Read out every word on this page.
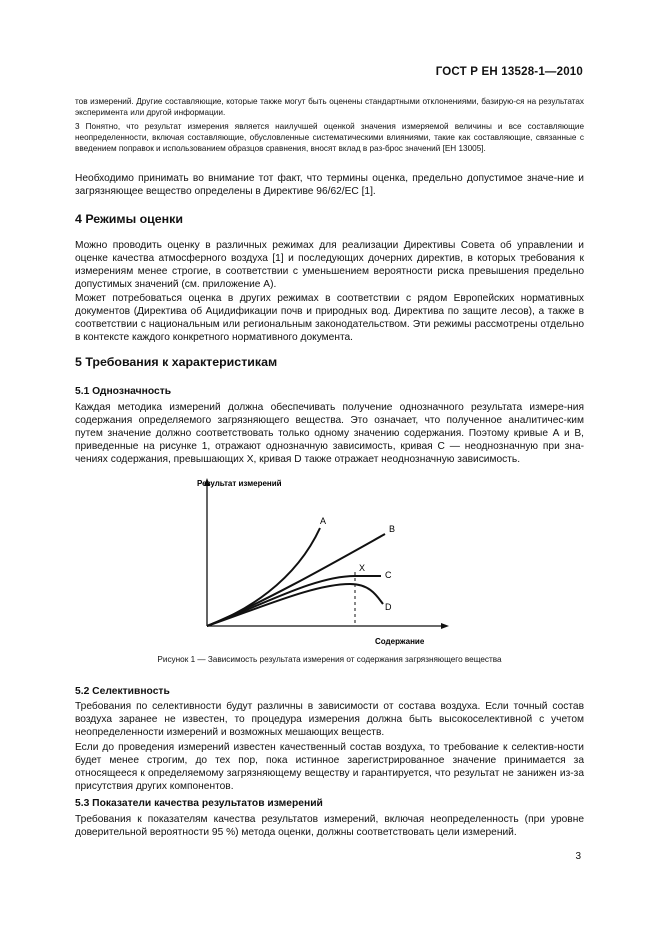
ГОСТ Р ЕН 13528-1—2010

тов измерений. Другие составляющие, которые также могут быть оценены стандартными отклонениями, базирую-ся на результатах эксперимента или другой информации.

3 Понятно, что результат измерения является наилучшей оценкой значения измеряемой величины и все составляющие неопределенности, включая составляющие, обусловленные систематическими влияниями, такие как составляющие, связанные с введением поправок и использованием образцов сравнения, вносят вклад в раз-брос значений [ЕН 13005].

Необходимо принимать во внимание тот факт, что термины оценка, предельно допустимое значе-ние и загрязняющее вещество определены в Директиве 96/62/ЕС [1].

4 Режимы оценки

Можно проводить оценку в различных режимах для реализации Директивы Совета об управлении и оценке качества атмосферного воздуха [1] и последующих дочерних директив, в которых требования к измерениям менее строгие, в соответствии с уменьшением вероятности риска превышения предельно допустимых значений (см. приложение А).

Может потребоваться оценка в других режимах в соответствии с рядом Европейских нормативных документов (Директива об Ацидификации почв и природных вод. Директива по защите лесов), а также в соответствии с национальным или региональным законодательством. Эти режимы рассмотрены отдельно в контексте каждого конкретного нормативного документа.

5 Требования к характеристикам
5.1 Однозначность

Каждая методика измерений должна обеспечивать получение однозначного результата измере-ния содержания определяемого загрязняющего вещества. Это означает, что полученное аналитичес-ким путем значение должно соответствовать только одному значению содержания. Поэтому кривые А и В, приведенные на рисунке 1, отражают однозначную зависимость, кривая С — неоднозначную при зна-чениях содержания, превышающих X, кривая D также отражает неоднозначную зависимость.

Результат измерений
Содержание
A
B
C
D
X
Рисунок 1 — Зависимость результата измерения от содержания загрязняющего вещества
5.2 Селективность

Требования по селективности будут различны в зависимости от состава воздуха. Если точный состав воздуха заранее не известен, то процедура измерения должна быть высокоселективной с учетом неопределенности измерений и возможных мешающих веществ.

Если до проведения измерений известен качественный состав воздуха, то требование к селектив-ности будет менее строгим, до тех пор, пока истинное зарегистрированное значение принимается за относящееся к определяемому загрязняющему веществу и гарантируется, что результат не занижен из-за присутствия других компонентов.

5.3 Показатели качества результатов измерений

Требования к показателям качества результатов измерений, включая неопределенность (при уровне доверительной вероятности 95 %) метода оценки, должны соответствовать цели измерений.

3
